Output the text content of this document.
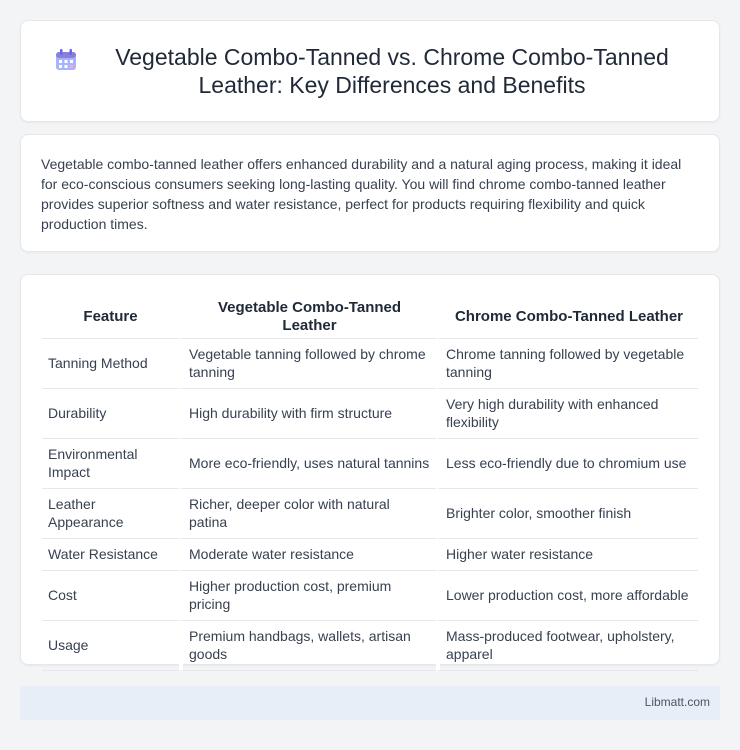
Vegetable Combo-Tanned vs. Chrome Combo-Tanned Leather: Key Differences and Benefits

Vegetable combo-tanned leather offers enhanced durability and a natural aging process, making it ideal for eco-conscious consumers seeking long-lasting quality. You will find chrome combo-tanned leather provides superior softness and water resistance, perfect for products requiring flexibility and quick production times.

Feature	Vegetable Combo-Tanned Leather	Chrome Combo-Tanned Leather
Tanning Method	Vegetable tanning followed by chrome tanning	Chrome tanning followed by vegetable tanning
Durability	High durability with firm structure	Very high durability with enhanced flexibility
Environmental Impact	More eco-friendly, uses natural tannins	Less eco-friendly due to chromium use
Leather Appearance	Richer, deeper color with natural patina	Brighter color, smoother finish
Water Resistance	Moderate water resistance	Higher water resistance
Cost	Higher production cost, premium pricing	Lower production cost, more affordable
Usage	Premium handbags, wallets, artisan goods	Mass-produced footwear, upholstery, apparel
Libmatt.com
